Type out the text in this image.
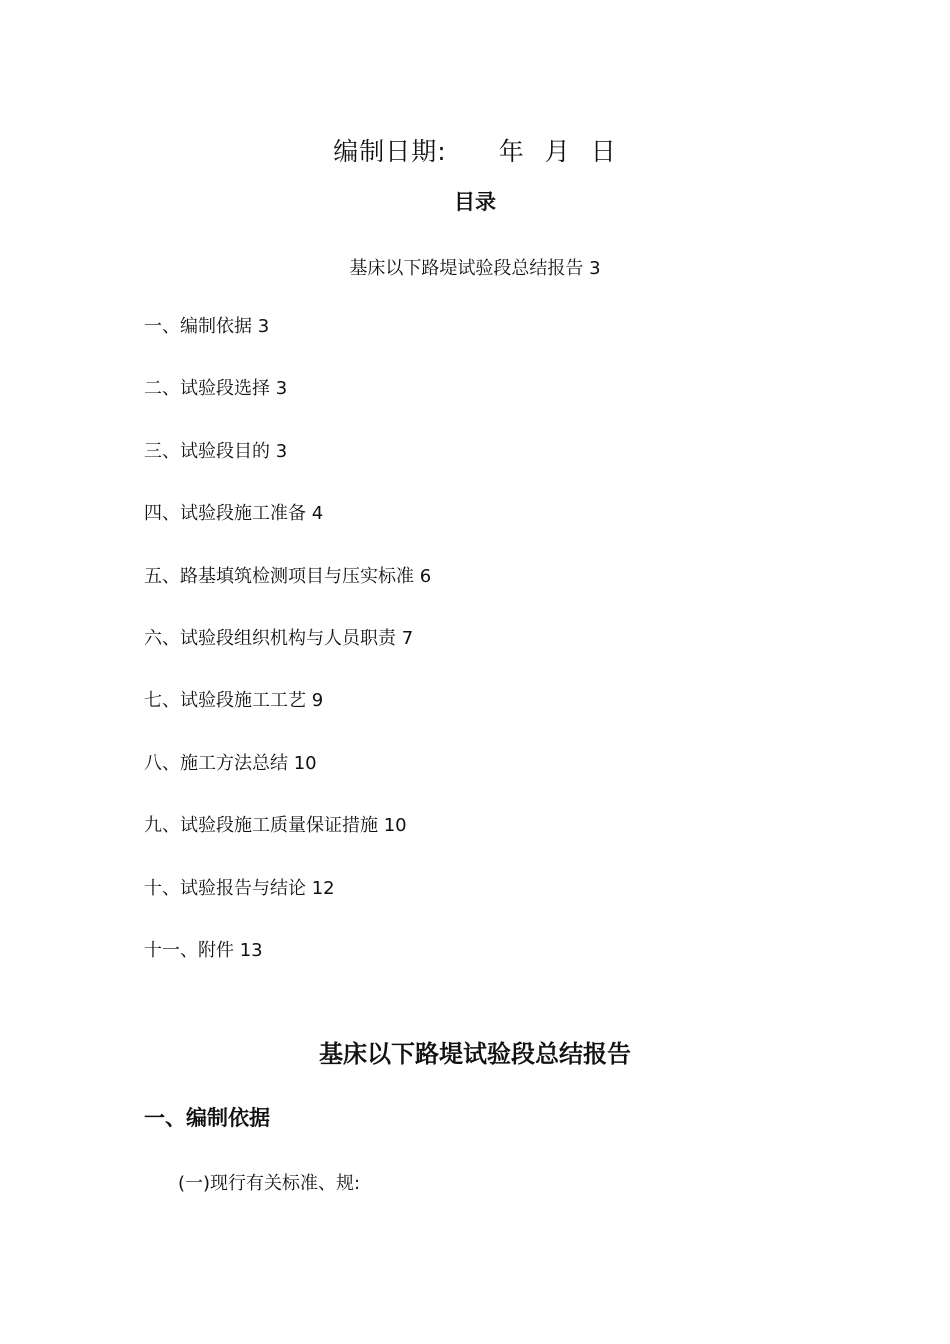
编制日期: 年 月 日
目录
基床以下路堤试验段总结报告 3
一、编制依据 3
二、试验段选择 3
三、试验段目的 3
四、试验段施工准备 4
五、路基填筑检测项目与压实标准 6
六、试验段组织机构与人员职责 7
七、试验段施工工艺 9
八、施工方法总结 10
九、试验段施工质量保证措施 10
十、试验报告与结论 12
十一、附件 13
基床以下路堤试验段总结报告
一、编制依据
(一)现行有关标准、规:
